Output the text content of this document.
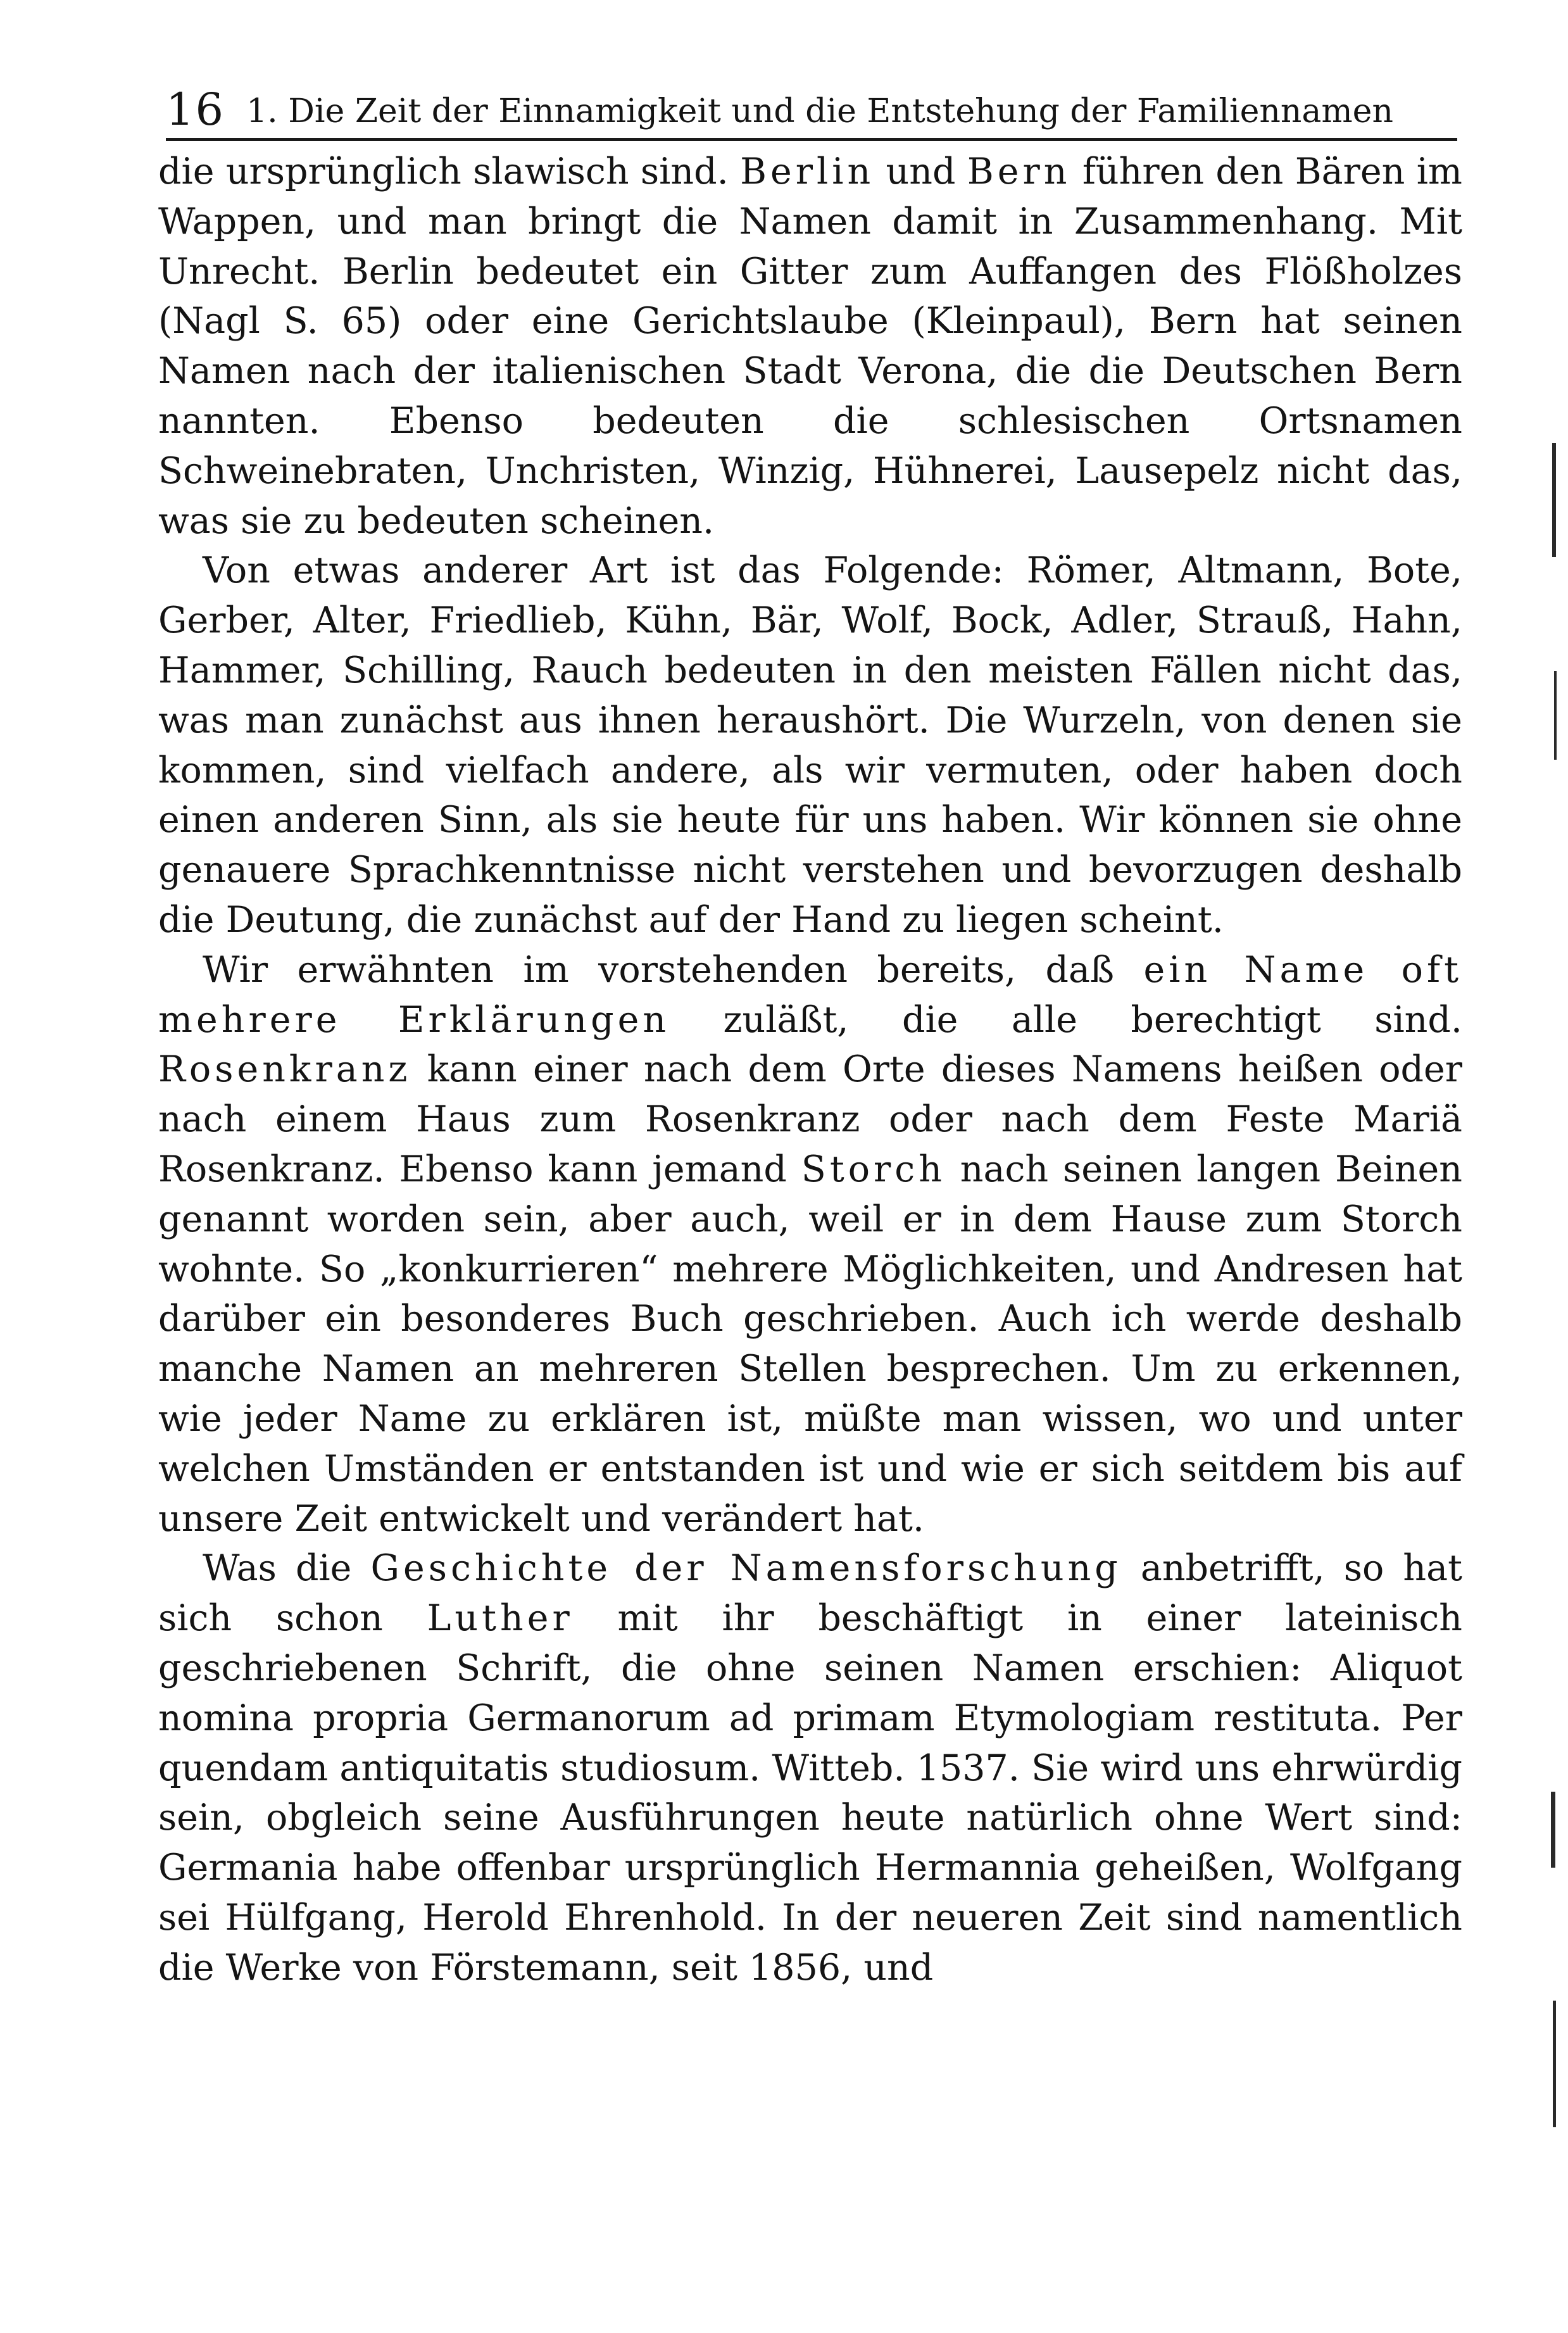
16 1. Die Zeit der Einnamigkeit und die Entstehung der Familiennamen

die ursprünglich slawisch sind. Berlin und Bern führen den Bären im Wappen, und man bringt die Namen damit in Zusammenhang. Mit Unrecht. Berlin bedeutet ein Gitter zum Auffangen des Flößholzes (Nagl S. 65) oder eine Gerichtslaube (Kleinpaul), Bern hat seinen Namen nach der italienischen Stadt Verona, die die Deutschen Bern nannten. Ebenso bedeuten die schlesischen Ortsnamen Schweinebraten, Unchristen, Winzig, Hühnerei, Lausepelz nicht das, was sie zu bedeuten scheinen.

Von etwas anderer Art ist das Folgende: Römer, Altmann, Bote, Gerber, Alter, Friedlieb, Kühn, Bär, Wolf, Bock, Adler, Strauß, Hahn, Hammer, Schilling, Rauch bedeuten in den meisten Fällen nicht das, was man zunächst aus ihnen heraushört. Die Wurzeln, von denen sie kommen, sind vielfach andere, als wir vermuten, oder haben doch einen anderen Sinn, als sie heute für uns haben. Wir können sie ohne genauere Sprachkenntnisse nicht verstehen und bevorzugen deshalb die Deutung, die zunächst auf der Hand zu liegen scheint.

Wir erwähnten im vorstehenden bereits, daß ein Name oft mehrere Erklärungen zuläßt, die alle berechtigt sind. Rosenkranz kann einer nach dem Orte dieses Namens heißen oder nach einem Haus zum Rosenkranz oder nach dem Feste Mariä Rosenkranz. Ebenso kann jemand Storch nach seinen langen Beinen genannt worden sein, aber auch, weil er in dem Hause zum Storch wohnte. So „konkurrieren“ mehrere Möglichkeiten, und Andresen hat darüber ein besonderes Buch geschrieben. Auch ich werde deshalb manche Namen an mehreren Stellen besprechen. Um zu erkennen, wie jeder Name zu erklären ist, müßte man wissen, wo und unter welchen Umständen er entstanden ist und wie er sich seitdem bis auf unsere Zeit entwickelt und verändert hat.

Was die Geschichte der Namensforschung anbetrifft, so hat sich schon Luther mit ihr beschäftigt in einer lateinisch geschriebenen Schrift, die ohne seinen Namen erschien: Aliquot nomina propria Germanorum ad primam Etymologiam restituta. Per quendam antiquitatis studiosum. Witteb. 1537. Sie wird uns ehrwürdig sein, obgleich seine Ausführungen heute natürlich ohne Wert sind: Germania habe offenbar ursprünglich Hermannia geheißen, Wolfgang sei Hülfgang, Herold Ehrenhold. In der neueren Zeit sind namentlich die Werke von Förstemann, seit 1856, und
